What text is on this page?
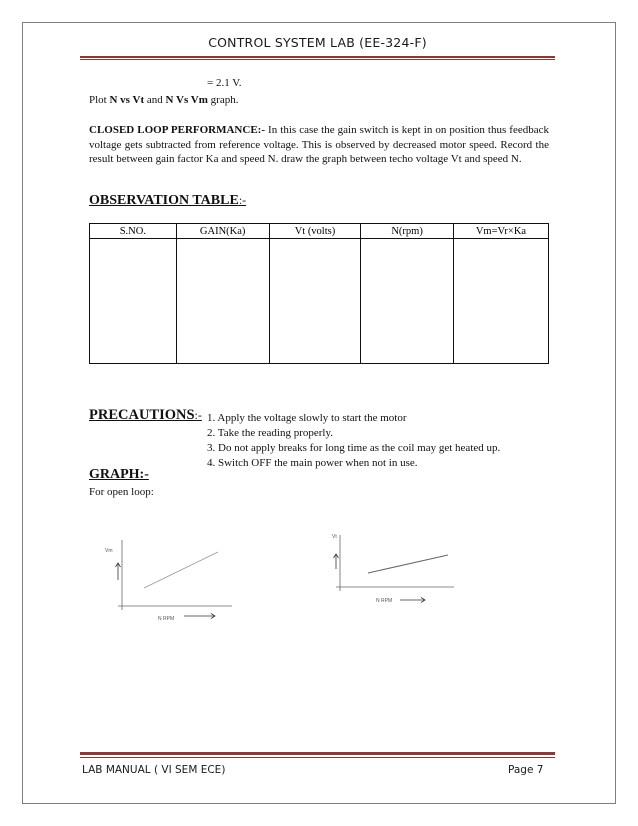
CONTROL SYSTEM LAB (EE-324-F)
= 2.1 V.
Plot N vs Vt and N Vs Vm graph.
CLOSED LOOP PERFORMANCE:- In this case the gain switch is kept in on position thus feedback voltage gets subtracted from reference voltage. This is observed by decreased motor speed. Record the result between gain factor Ka and speed N. draw the graph between techo voltage Vt and speed N.
OBSERVATION TABLE:-
S.NO.	GAIN(Ka)	Vt (volts)	N(rpm)	Vm=Vr×Ka

PRECAUTIONS:- 1. Apply the voltage slowly to start the motor
2. Take the reading properly.
3. Do not apply breaks for long time as the coil may get heated up.
4. Switch OFF the main power when not in use.
GRAPH:-
For open loop:
Vm
N RPM
Vt
N RPM
LAB MANUAL ( VI SEM ECE)	Page 7
